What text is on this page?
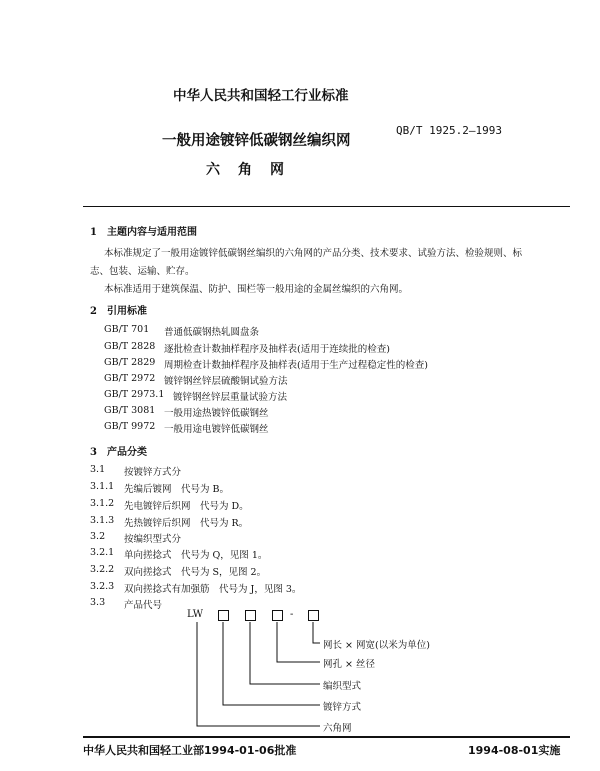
中华人民共和国轻工行业标准
一般用途镀锌低碳钢丝编织网
QB/T 1925.2—1993
六　角　网
1　主题内容与适用范围
本标准规定了一般用途镀锌低碳钢丝编织的六角网的产品分类、技术要求、试验方法、检验规则、标
志、包装、运输、贮存。
本标准适用于建筑保温、防护、围栏等一般用途的金属丝编织的六角网。
2　引用标准
GB/T 701 普通低碳钢热轧圆盘条
GB/T 2828 逐批检查计数抽样程序及抽样表(适用于连续批的检查)
GB/T 2829 周期检查计数抽样程序及抽样表(适用于生产过程稳定性的检查)
GB/T 2972 镀锌钢丝锌层硫酸铜试验方法
GB/T 2973.1 镀锌钢丝锌层重量试验方法
GB/T 3081 一般用途热镀锌低碳钢丝
GB/T 9972 一般用途电镀锌低碳钢丝
3　产品分类
3.1 按镀锌方式分
3.1.1 先编后镀网　代号为 B。
3.1.2 先电镀锌后织网　代号为 D。
3.1.3 先热镀锌后织网　代号为 R。
3.2 按编织型式分
3.2.1 单向搓捻式　代号为 Q，见图 1。
3.2.2 双向搓捻式　代号为 S，见图 2。
3.2.3 双向搓捻式有加强筋　代号为 J，见图 3。
3.3 产品代号
LW	-
网长 × 网宽(以米为单位)
网孔 × 丝径
编织型式
镀锌方式
六角网
中华人民共和国轻工业部1994-01-06批准	1994-08-01实施
